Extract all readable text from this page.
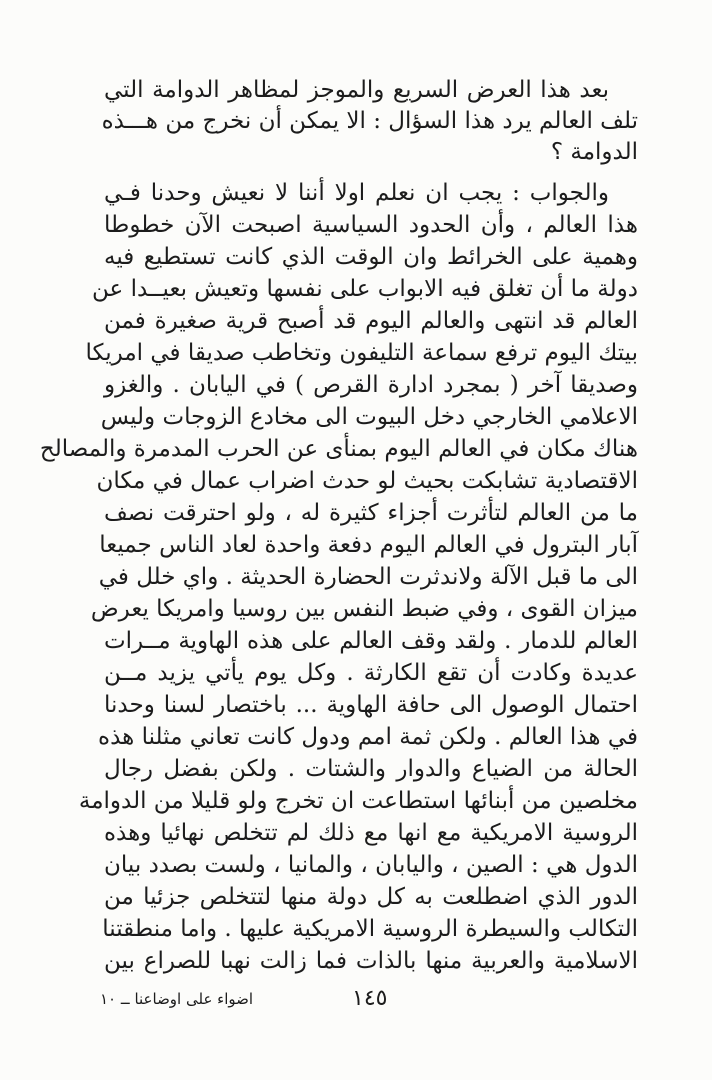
بعد هذا العرض السريع والموجز لمظاهر الدوامة التي
تلف العالم يرد هذا السؤال : الا يمكن أن نخرج من هـــذه
الدوامة ؟
والجواب : يجب ان نعلم اولا أننا لا نعيش وحدنا فـي
هذا العالم ، وأن الحدود السياسية اصبحت الآن خطوطا
وهمية على الخرائط وان الوقت الذي كانت تستطيع فيه
دولة ما أن تغلق فيه الابواب على نفسها وتعيش بعيــدا عن
العالم قد انتهى والعالم اليوم قد أصبح قرية صغيرة فمن
بيتك اليوم ترفع سماعة التليفون وتخاطب صديقا في امريكا
وصديقا آخر ( بمجرد ادارة القرص ) في اليابان . والغزو
الاعلامي الخارجي دخل البيوت الى مخادع الزوجات وليس
هناك مكان في العالم اليوم بمنأى عن الحرب المدمرة والمصالح
الاقتصادية تشابكت بحيث لو حدث اضراب عمال في مكان
ما من العالم لتأثرت أجزاء كثيرة له ، ولو احترقت نصف
آبار البترول في العالم اليوم دفعة واحدة لعاد الناس جميعا
الى ما قبل الآلة ولاندثرت الحضارة الحديثة . واي خلل في
ميزان القوى ، وفي ضبط النفس بين روسيا وامريكا يعرض
العالم للدمار . ولقد وقف العالم على هذه الهاوية مــرات
عديدة وكادت أن تقع الكارثة . وكل يوم يأتي يزيد مــن
احتمال الوصول الى حافة الهاوية ... باختصار لسنا وحدنا
في هذا العالم . ولكن ثمة امم ودول كانت تعاني مثلنا هذه
الحالة من الضياع والدوار والشتات . ولكن بفضل رجال
مخلصين من أبنائها استطاعت ان تخرج ولو قليلا من الدوامة
الروسية الامريكية مع انها مع ذلك لم تتخلص نهائيا وهذه
الدول هي : الصين ، واليابان ، والمانيا ، ولست بصدد بيان
الدور الذي اضطلعت به كل دولة منها لتتخلص جزئيا من
التكالب والسيطرة الروسية الامريكية عليها . واما منطقتنا
الاسلامية والعربية منها بالذات فما زالت نهبا للصراع بين
١٤٥
اضواء على اوضاعنا ــ ١٠
